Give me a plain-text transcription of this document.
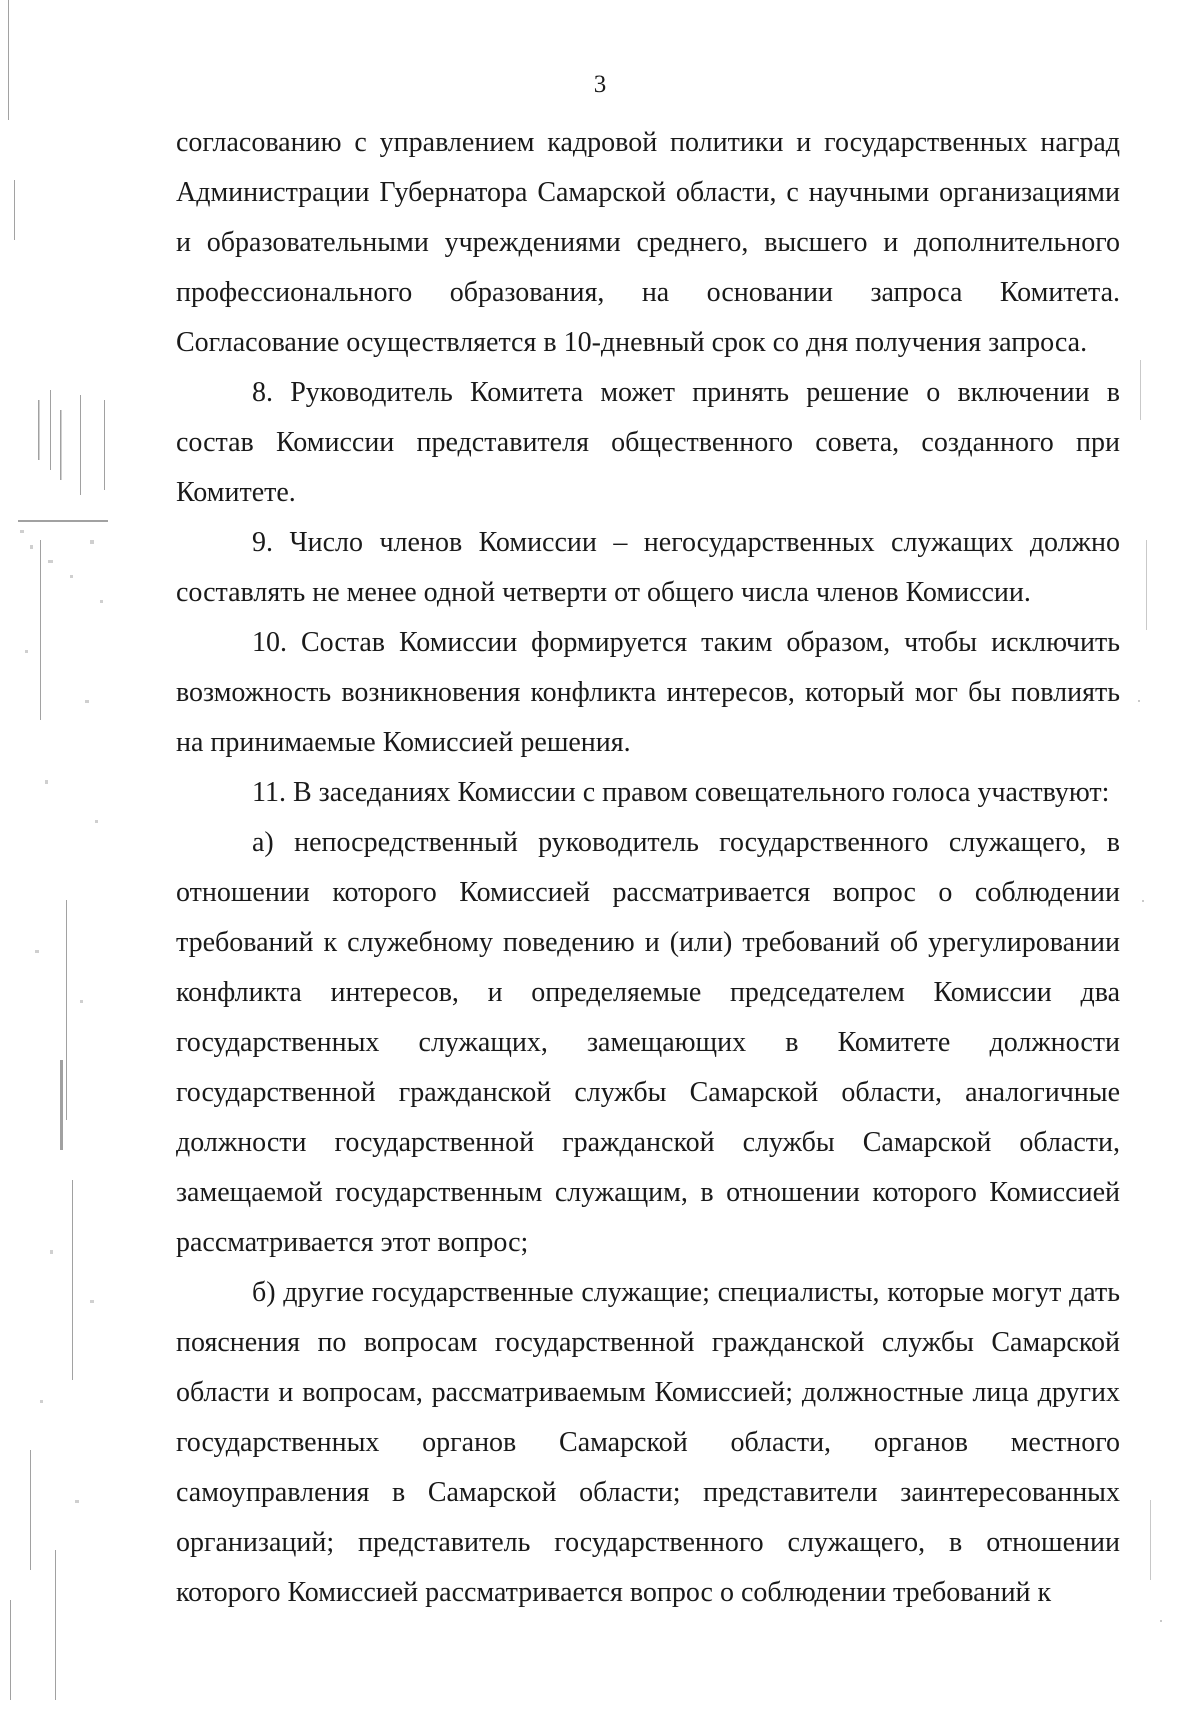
3

согласованию с управлением кадровой политики и государственных наград Администрации Губернатора Самарской области, с научными организациями и образовательными учреждениями среднего, высшего и дополнительного профессионального образования, на основании запроса Комитета. Согласование осуществляется в 10-дневный срок со дня получения запроса.

8. Руководитель Комитета может принять решение о включении в состав Комиссии представителя общественного совета, созданного при Комитете.

9. Число членов Комиссии – негосударственных служащих должно составлять не менее одной четверти от общего числа членов Комиссии.

10. Состав Комиссии формируется таким образом, чтобы исключить возможность возникновения конфликта интересов, который мог бы повлиять на принимаемые Комиссией решения.

11. В заседаниях Комиссии с правом совещательного голоса участвуют:

а) непосредственный руководитель государственного служащего, в отношении которого Комиссией рассматривается вопрос о соблюдении требований к служебному поведению и (или) требований об урегулировании конфликта интересов, и определяемые председателем Комиссии два государственных служащих, замещающих в Комитете должности государственной гражданской службы Самарской области, аналогичные должности государственной гражданской службы Самарской области, замещаемой государственным служащим, в отношении которого Комиссией рассматривается этот вопрос;

б) другие государственные служащие; специалисты, которые могут дать пояснения по вопросам государственной гражданской службы Самарской области и вопросам, рассматриваемым Комиссией; должностные лица других государственных органов Самарской области, органов местного самоуправления в Самарской области; представители заинтересованных организаций; представитель государственного служащего, в отношении которого Комиссией рассматривается вопрос о соблюдении требований к
